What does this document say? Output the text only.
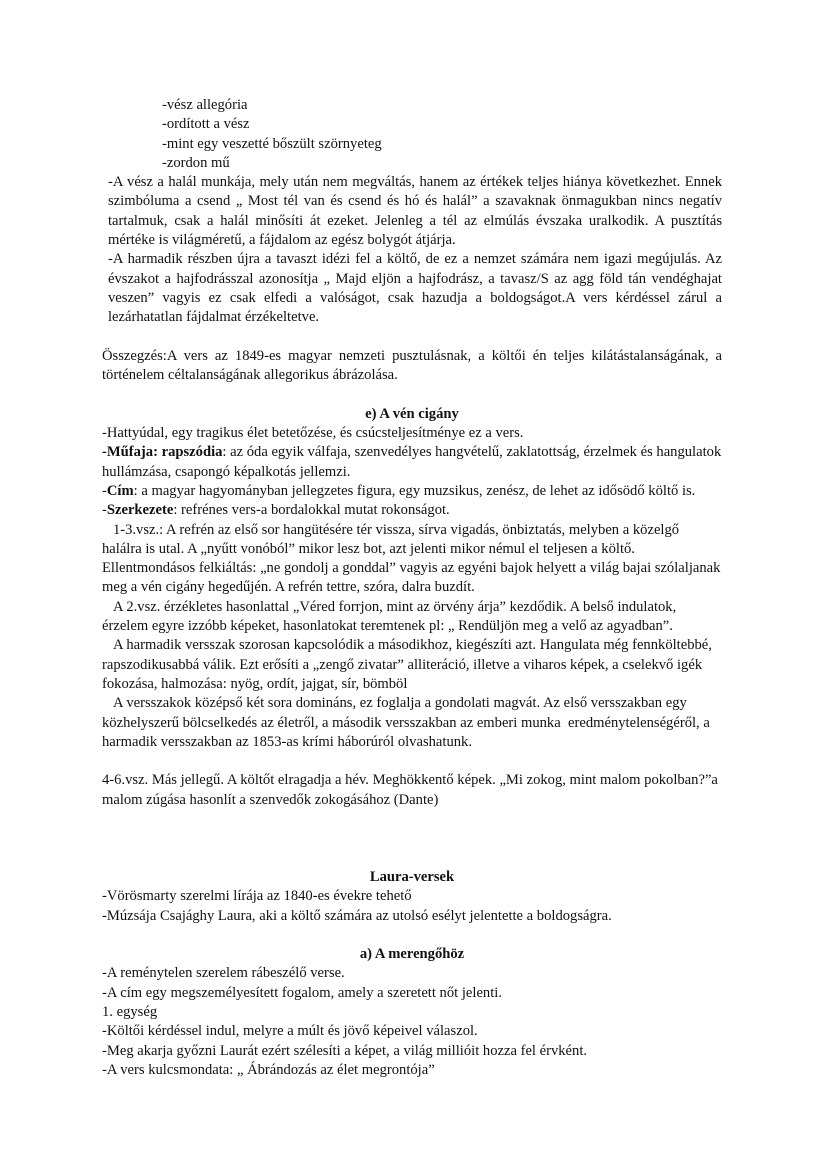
-vész allegória

-ordított a vész

-mint egy veszetté bőszült szörnyeteg

-zordon mű

-A vész a halál munkája, mely után nem megváltás, hanem az értékek teljes hiánya következhet. Ennek szimbóluma a csend „ Most tél van és csend és hó és halál” a szavaknak önmagukban nincs negatív tartalmuk, csak a halál minősíti át ezeket. Jelenleg a tél az elmúlás évszaka uralkodik. A pusztítás mértéke is világméretű, a fájdalom az egész bolygót átjárja.

-A harmadik részben újra a tavaszt idézi fel a költő, de ez a nemzet számára nem igazi megújulás. Az évszakot a hajfodrásszal azonosítja „ Majd eljön a hajfodrász, a tavasz/S az agg föld tán vendéghajat veszen” vagyis ez csak elfedi a valóságot, csak hazudja a boldogságot.A vers kérdéssel zárul a lezárhatatlan fájdalmat érzékeltetve.

Összegzés:A vers az 1849-es magyar nemzeti pusztulásnak, a költői én teljes kilátástalanságának, a történelem céltalanságának allegorikus ábrázolása.

e) A vén cigány

-Hattyúdal, egy tragikus élet betetőzése, és csúcsteljesítménye ez a vers.

-Műfaja: rapszódia: az óda egyik válfaja, szenvedélyes hangvételű, zaklatottság, érzelmek és hangulatok hullámzása, csapongó képalkotás jellemzi.

-Cím: a magyar hagyományban jellegzetes figura, egy muzsikus, zenész, de lehet az idősödő költő is.

-Szerkezete: refrénes vers-a bordalokkal mutat rokonságot.

1-3.vsz.: A refrén az első sor hangütésére tér vissza, sírva vigadás, önbiztatás, melyben a közelgő halálra is utal. A „nyűtt vonóból” mikor lesz bot, azt jelenti mikor némul el teljesen a költő. Ellentmondásos felkiáltás: „ne gondolj a gonddal” vagyis az egyéni bajok helyett a világ bajai szólaljanak meg a vén cigány hegedűjén. A refrén tettre, szóra, dalra buzdít.

A 2.vsz. érzékletes hasonlattal „Véred forrjon, mint az örvény árja” kezdődik. A belső indulatok, érzelem egyre izzóbb képeket, hasonlatokat teremtenek pl: „ Rendüljön meg a velő az agyadban”.

A harmadik versszak szorosan kapcsolódik a másodikhoz, kiegészíti azt. Hangulata még fennköltebbé, rapszodikusabbá válik. Ezt erősíti a „zengő zivatar” alliteráció, illetve a viharos képek, a cselekvő igék fokozása, halmozása: nyög, ordít, jajgat, sír, bömböl

A versszakok középső két sora domináns, ez foglalja a gondolati magvát. Az első versszakban egy közhelyszerű bölcselkedés az életről, a második versszakban az emberi munka  eredménytelenségéről, a harmadik versszakban az 1853-as krími háborúról olvashatunk.

4-6.vsz. Más jellegű. A költőt elragadja a hév. Meghökkentő képek. „Mi zokog, mint malom pokolban?”a malom zúgása hasonlít a szenvedők zokogásához (Dante)

Laura-versek

-Vörösmarty szerelmi lírája az 1840-es évekre tehető

-Múzsája Csajághy Laura, aki a költő számára az utolsó esélyt jelentette a boldogságra.

a) A merengőhöz

-A reménytelen szerelem rábeszélő verse.

-A cím egy megszemélyesített fogalom, amely a szeretett nőt jelenti.

1. egység

-Költői kérdéssel indul, melyre a múlt és jövő képeivel válaszol.

-Meg akarja győzni Laurát ezért szélesíti a képet, a világ millióit hozza fel érvként.

-A vers kulcsmondata: „ Ábrándozás az élet megrontója”
